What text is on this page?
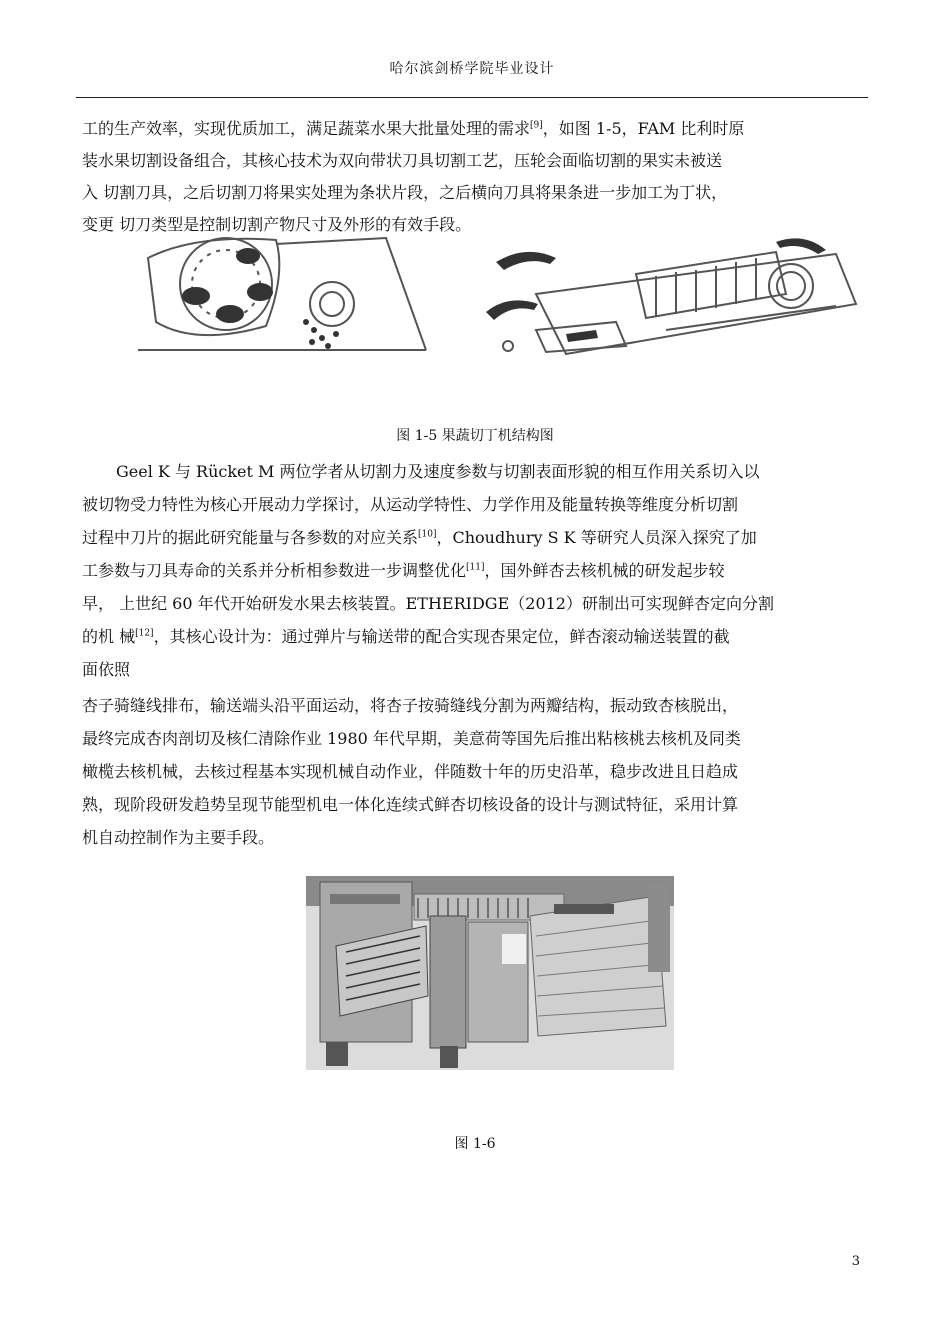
哈尔滨剑桥学院毕业设计
工的生产效率，实现优质加工，满足蔬菜水果大批量处理的需求[9]，如图 1-5，FAM 比利时原
装水果切割设备组合，其核心技术为双向带状刀具切割工艺，压轮会面临切割的果实未被送
入 切割刀具，之后切割刀将果实处理为条状片段，之后横向刀具将果条进一步加工为丁状，
变更 切刀类型是控制切割产物尺寸及外形的有效手段。
图 1-5 果蔬切丁机结构图
Geel K 与 Rücket M 两位学者从切割力及速度参数与切割表面形貌的相互作用关系切入以
被切物受力特性为核心开展动力学探讨，从运动学特性、力学作用及能量转换等维度分析切割
过程中刀片的据此研究能量与各参数的对应关系[10]，Choudhury S K 等研究人员深入探究了加
工参数与刀具寿命的关系并分析相参数进一步调整优化[11]，国外鲜杏去核机械的研发起步较
早， 上世纪 60 年代开始研发水果去核装置。ETHERIDGE（2012）研制出可实现鲜杏定向分割
的机 械[12]，其核心设计为：通过弹片与输送带的配合实现杏果定位，鲜杏滚动输送装置的截
面依照
杏子骑缝线排布，输送端头沿平面运动，将杏子按骑缝线分割为两瓣结构，振动致杏核脱出，
最终完成杏肉剖切及核仁清除作业 1980 年代早期，美意荷等国先后推出粘核桃去核机及同类
橄榄去核机械，去核过程基本实现机械自动作业，伴随数十年的历史沿革，稳步改进且日趋成
熟，现阶段研发趋势呈现节能型机电一体化连续式鲜杏切核设备的设计与测试特征，采用计算
机自动控制作为主要手段。
图 1-6
3
